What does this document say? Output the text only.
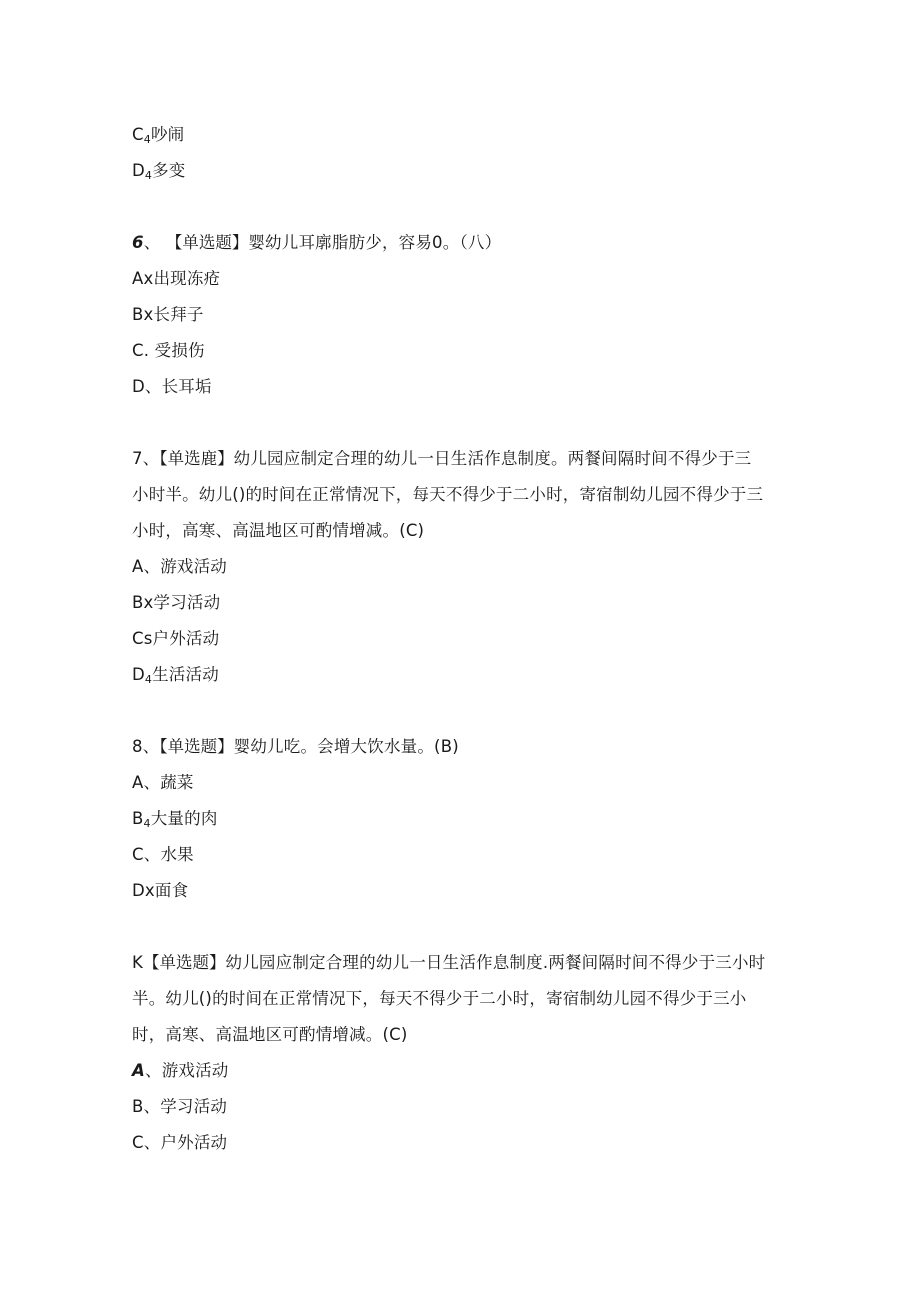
$C_4$吵闹
$D_4$多变
6、 【单选题】婴幼儿耳廓脂肪少，容易0。（八）
Ax出现冻疮
Bx长拜子
C. 受损伤
D、长耳垢
7、【单选鹿】幼儿园应制定合理的幼儿一日生活作息制度。两餐间隔时间不得少于三
小时半。幼儿()的时间在正常情况下，每天不得少于二小时，寄宿制幼儿园不得少于三
小时，高寒、高温地区可酌情增减。(C)
A、游戏活动
Bx学习活动
Cs户外活动
$D_4$生活活动
8、【单选题】婴幼儿吃。会增大饮水量。(B)
A、蔬菜
$B_4$大量的肉
C、水果
Dx面食
K【单选题】幼儿园应制定合理的幼儿一日生活作息制度.两餐间隔时间不得少于三小时
半。幼儿()的时间在正常情况下，每天不得少于二小时，寄宿制幼儿园不得少于三小
时，高寒、高温地区可酌情增减。(C)
A、游戏活动
B、学习活动
C、户外活动
